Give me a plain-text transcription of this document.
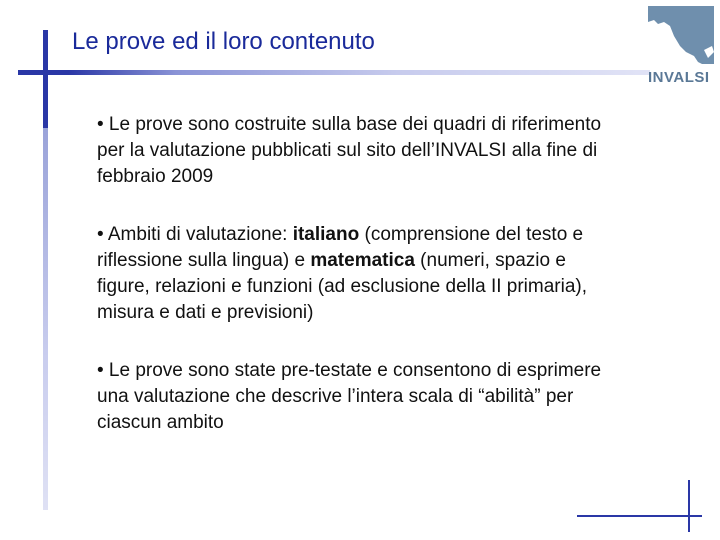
Le prove ed il loro contenuto
INVALSI

• Le prove sono costruite sulla base dei quadri di riferimento per la valutazione pubblicati sul sito dell’INVALSI alla fine di febbraio 2009

• Ambiti di valutazione: italiano (comprensione del testo e riflessione sulla lingua) e matematica (numeri, spazio e figure, relazioni e funzioni (ad esclusione della II primaria), misura e dati e previsioni)

• Le prove sono state pre-testate e consentono di esprimere una valutazione che descrive l’intera scala di “abilità” per ciascun ambito
